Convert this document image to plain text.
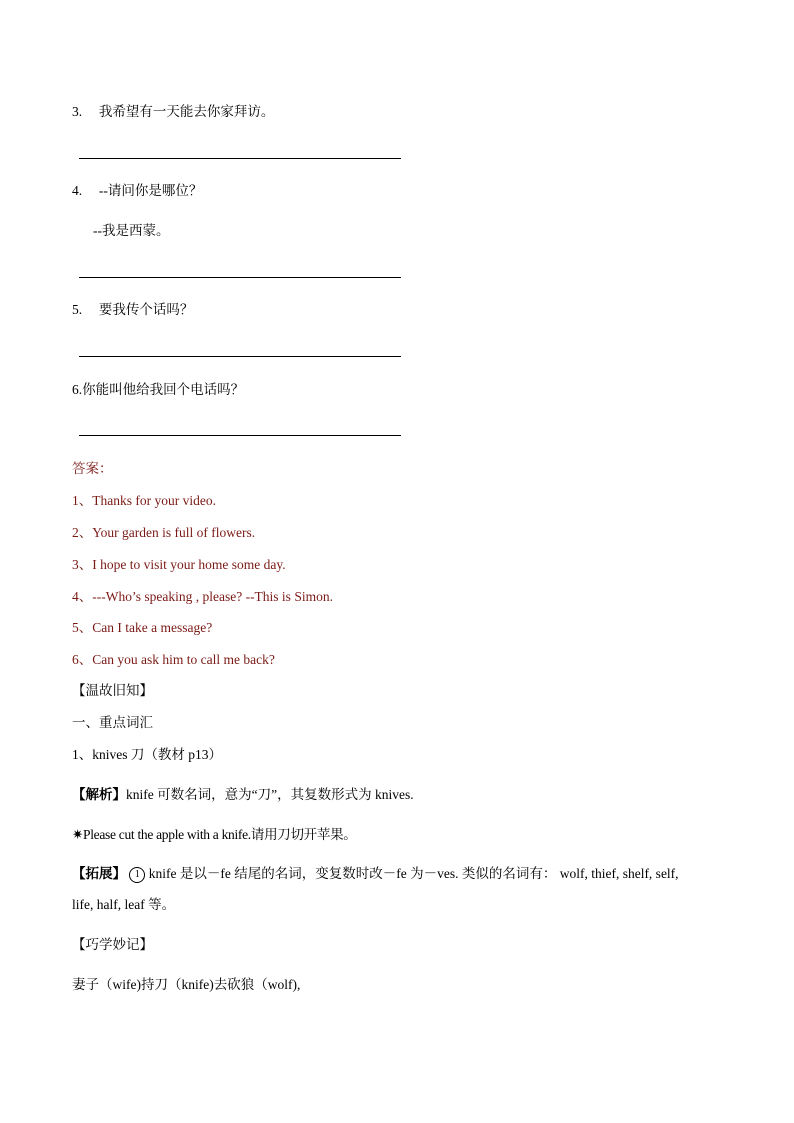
3. 我希望有一天能去你家拜访。
4. --请问你是哪位？
--我是西蒙。
5. 要我传个话吗？
6.你能叫他给我回个电话吗？
答案：
1、Thanks for your video.
2、Your garden is full of flowers.
3、I hope to visit your home some day.
4、---Who’s speaking , please? --This is Simon.
5、Can I take a message?
6、Can you ask him to call me back?
【温故旧知】
一、重点词汇
1、knives 刀（教材 p13）
【解析】knife 可数名词，意为“刀”，其复数形式为 knives.
✷Please cut the apple with a knife.请用刀切开苹果。
【拓展】 1 knife 是以－fe 结尾的名词，变复数时改－fe 为－ves. 类似的名词有： wolf, thief, shelf, self,
life, half, leaf 等。
【巧学妙记】
妻子（wife)持刀（knife)去砍狼（wolf),
